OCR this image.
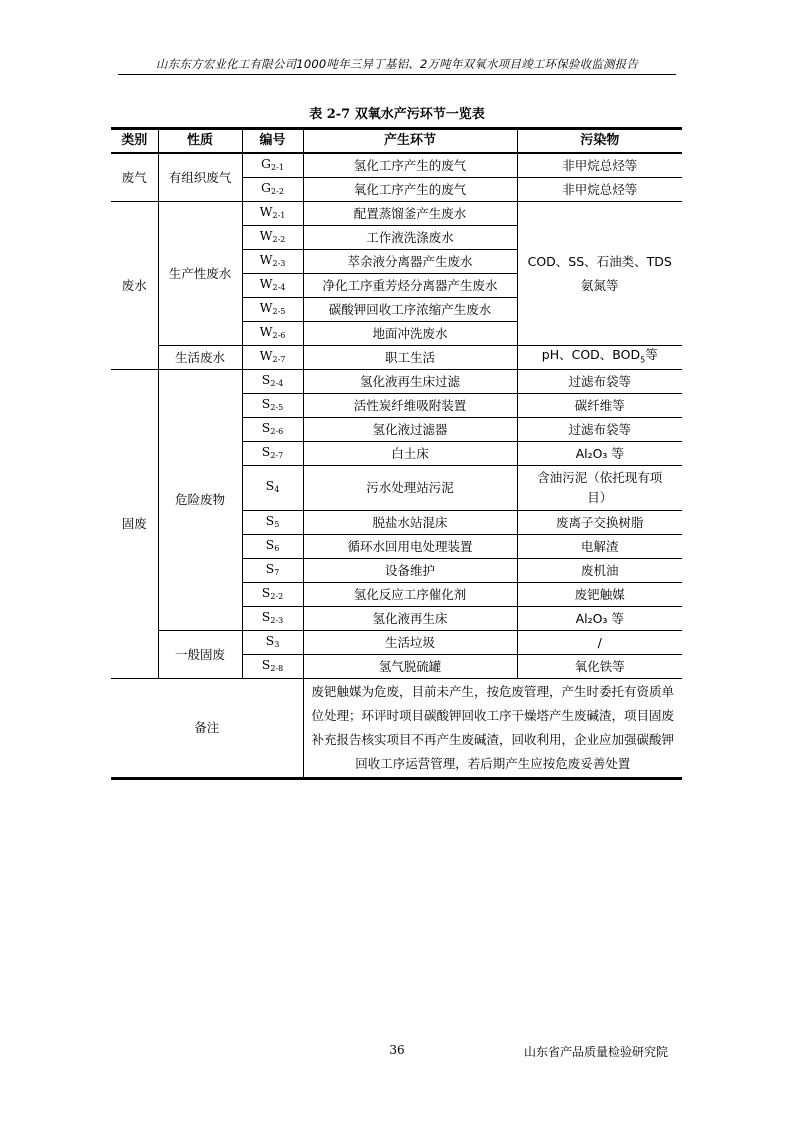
山东东方宏业化工有限公司1000吨年三异丁基铝、2万吨年双氧水项目竣工环保验收监测报告
表 2-7 双氧水产污环节一览表
类别	性质	编号	产生环节	污染物
废气	有组织废气	$G_{2-1}$	氢化工序产生的废气	非甲烷总烃等
		$G_{2-2}$	氧化工序产生的废气	非甲烷总烃等
废水	生产性废水	$W_{2-1}$	配置蒸馏釜产生废水	COD、SS、石油类、TDS
氨氮等

		$W_{2-2}$	工作液洗涤废水	
		$W_{2-3}$	萃余液分离器产生废水	
		$W_{2-4}$	净化工序重芳烃分离器产生废水	
		$W_{2-5}$	碳酸钾回收工序浓缩产生废水	
		$W_{2-6}$	地面冲洗废水	
	生活废水	$W_{2-7}$	职工生活	pH、COD、$BOD_5$等
固废	危险废物	$S_{2-4}$	氢化液再生床过滤	过滤布袋等
		$S_{2-5}$	活性炭纤维吸附装置	碳纤维等
		$S_{2-6}$	氢化液过滤器	过滤布袋等
		$S_{2-7}$	白土床	Al₂O₃ 等
		$S_4$	污水处理站污泥	含油污泥（依托现有项目）
		$S_5$	脱盐水站混床	废离子交换树脂
		$S_6$	循环水回用电处理装置	电解渣
		$S_7$	设备维护	废机油
		$S_{2-2}$	氢化反应工序催化剂	废钯触媒
		$S_{2-3}$	氢化液再生床	Al₂O₃ 等
	一般固废	$S_3$	生活垃圾	/
		$S_{2-8}$	氢气脱硫罐	氧化铁等
备注			废钯触媒为危废，目前未产生，按危废管理，产生时委托有资质单位处理；环评时项目碳酸钾回收工序干燥塔产生废碱渣，项目固废补充报告核实项目不再产生废碱渣，回收利用，企业应加强碳酸钾回收工序运营管理，若后期产生应按危废妥善处置	
36	山东省产品质量检验研究院
